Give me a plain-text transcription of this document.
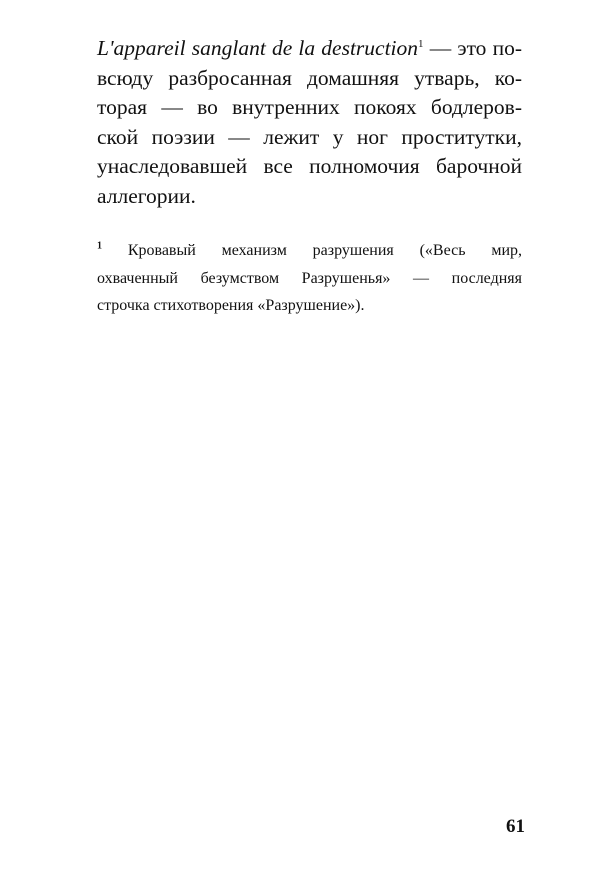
L'appareil sanglant de la destruction$^1$ — это по-
всюду разбросанная домашняя утварь, ко-
торая — во внутренних покоях бодлеров-
ской поэзии — лежит у ног проститутки,
унаследовавшей все полномочия барочной
аллегории.
$^1$ Кровавый механизм разрушения («Весь мир,
охваченный безумством Разрушенья» — последняя
строчка стихотворения «Разрушение»).

61
